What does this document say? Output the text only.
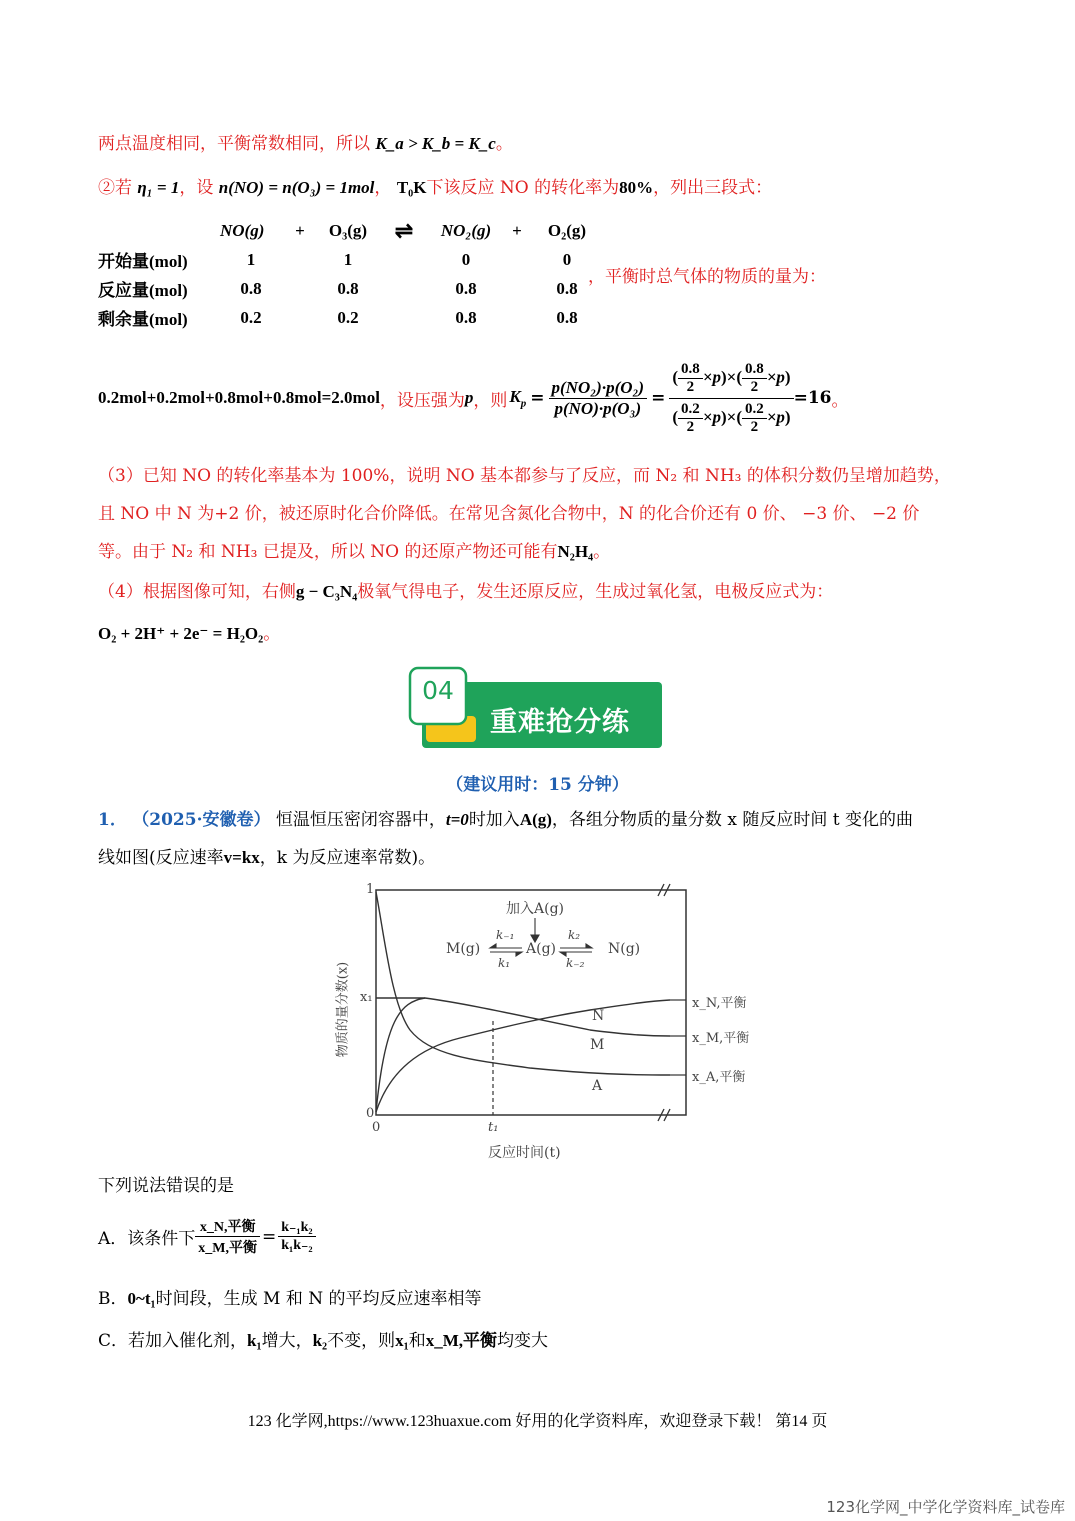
两点温度相同，平衡常数相同，所以 K_a > K_b = K_c。
②若 η₁ = 1，设 n(NO) = n(O₃) = 1mol， T₀K下该反应 NO 的转化率为80%，列出三段式：
	NO(g)	+	O₃(g)	⇌	NO₂(g)	+	O₂(g)
开始量(mol)	1		1		0		0
反应量(mol)	0.8		0.8		0.8		0.8
剩余量(mol)	0.2		0.2		0.8		0.8
，平衡时总气体的物质的量为：
0.2mol+0.2mol+0.8mol+0.8mol=2.0mol ，设压强为 p ，则 $K_p = \frac{\text{p(NO₂)·p(O₂)}}{\text{p(NO)·p(O₃)}} = \frac{( \frac{0.8}{2} \times p)\times( \frac{0.8}{2} \times p)}{( \frac{0.2}{2} \times p)\times( \frac{0.2}{2} \times p)} =16$ 。
（3）已知 NO 的转化率基本为 100%，说明 NO 基本都参与了反应，而 N₂ 和 NH₃ 的体积分数仍呈增加趋势，
且 NO 中 N 为+2 价，被还原时化合价降低。在常见含氮化合物中，N 的化合价还有 0 价、 −3 价、 −2 价
等。由于 N₂ 和 NH₃ 已提及，所以 NO 的还原产物还可能有N₂H₄。
（4）根据图像可知，右侧g − C₃N₄极氧气得电子，发生还原反应，生成过氧化氢，电极反应式为：
O₂ + 2H⁺ + 2e⁻ = H₂O₂。
04
重难抢分练
（建议用时：15 分钟）
1． （2025·安徽卷） 恒温恒压密闭容器中，t=0时加入A(g)，各组分物质的量分数 x 随反应时间 t 变化的曲
线如图(反应速率v=kx，k 为反应速率常数)。
物质的量分数(x)
1
x₁
0
0	t₁
反应时间(t)
加入A(g)
M(g)	A(g)	N(g)
k₋₁
k₁
k₂
k₋₂
N
M
A
x_N,平衡
x_M,平衡
x_A,平衡
下列说法错误的是
A．该条件下 $\frac{\text{x\_N,平衡}}{\text{x\_M,平衡}} = \frac{\text{k₋₁k₂}}{\text{k₁k₋₂}}$
B．0~t₁时间段，生成 M 和 N 的平均反应速率相等
C．若加入催化剂，k₁增大，k₂不变，则x₁和x_M,平衡均变大
123 化学网,https://www.123huaxue.com 好用的化学资料库，欢迎登录下载！ 第14 页
123化学网_中学化学资料库_试卷库
